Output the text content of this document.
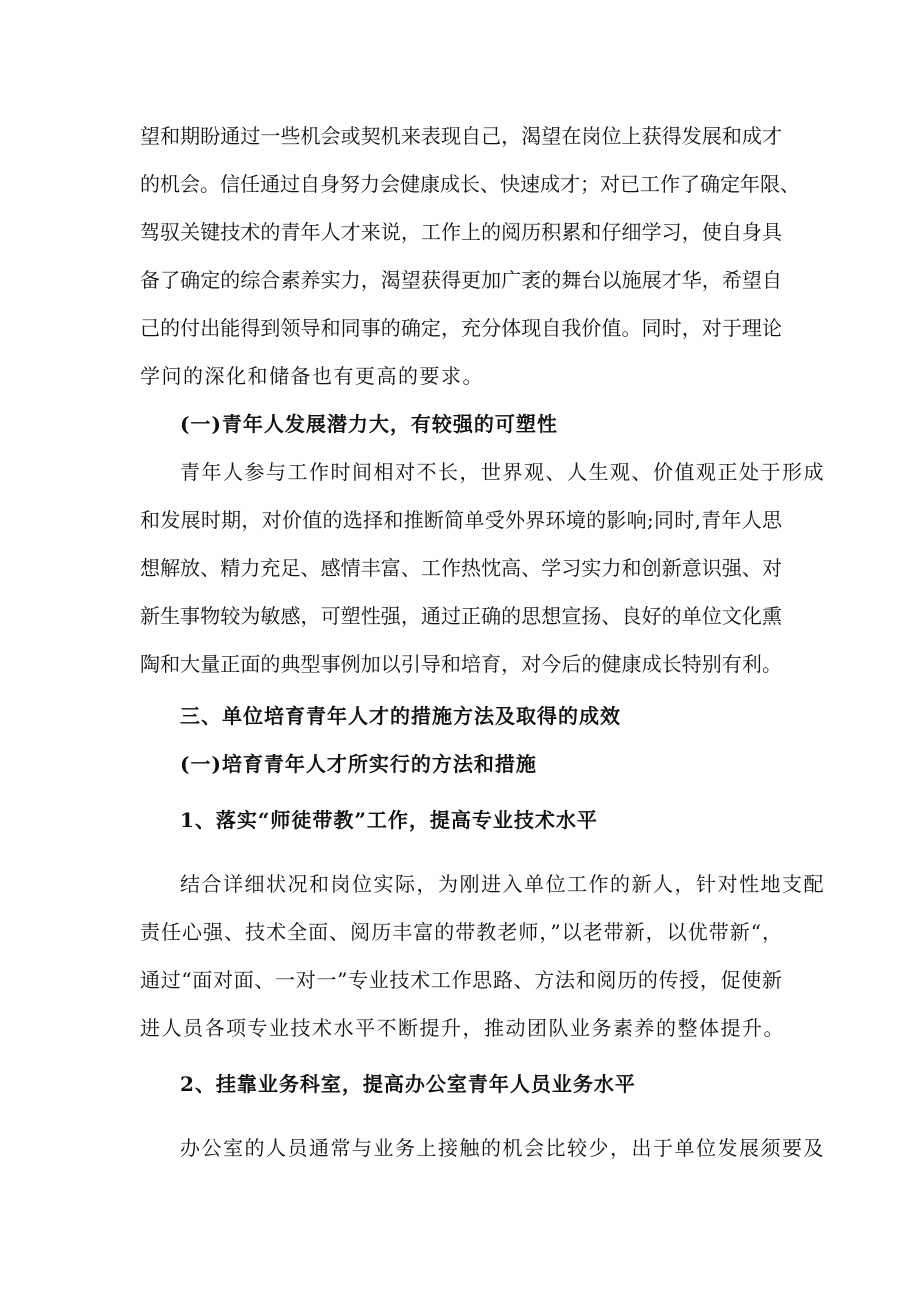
望和期盼通过一些机会或契机来表现自己，渴望在岗位上获得发展和成才
的机会。信任通过自身努力会健康成长、快速成才；对已工作了确定年限、
驾驭关键技术的青年人才来说，工作上的阅历积累和仔细学习，使自身具
备了确定的综合素养实力，渴望获得更加广袤的舞台以施展才华，希望自
己的付出能得到领导和同事的确定，充分体现自我价值。同时，对于理论
学问的深化和储备也有更高的要求。
(一)青年人发展潜力大，有较强的可塑性
青年人参与工作时间相对不长，世界观、人生观、价值观正处于形成
和发展时期，对价值的选择和推断简单受外界环境的影响;同时,青年人思
想解放、精力充足、感情丰富、工作热忱高、学习实力和创新意识强、对
新生事物较为敏感，可塑性强，通过正确的思想宣扬、良好的单位文化熏
陶和大量正面的典型事例加以引导和培育，对今后的健康成长特别有利。
三、单位培育青年人才的措施方法及取得的成效
(一)培育青年人才所实行的方法和措施
1、落实“师徒带教”工作，提高专业技术水平
结合详细状况和岗位实际，为刚进入单位工作的新人，针对性地支配
责任心强、技术全面、阅历丰富的带教老师，”以老带新，以优带新“，
通过“面对面、一对一”专业技术工作思路、方法和阅历的传授，促使新
进人员各项专业技术水平不断提升，推动团队业务素养的整体提升。
2、挂靠业务科室，提高办公室青年人员业务水平
办公室的人员通常与业务上接触的机会比较少，出于单位发展须要及
